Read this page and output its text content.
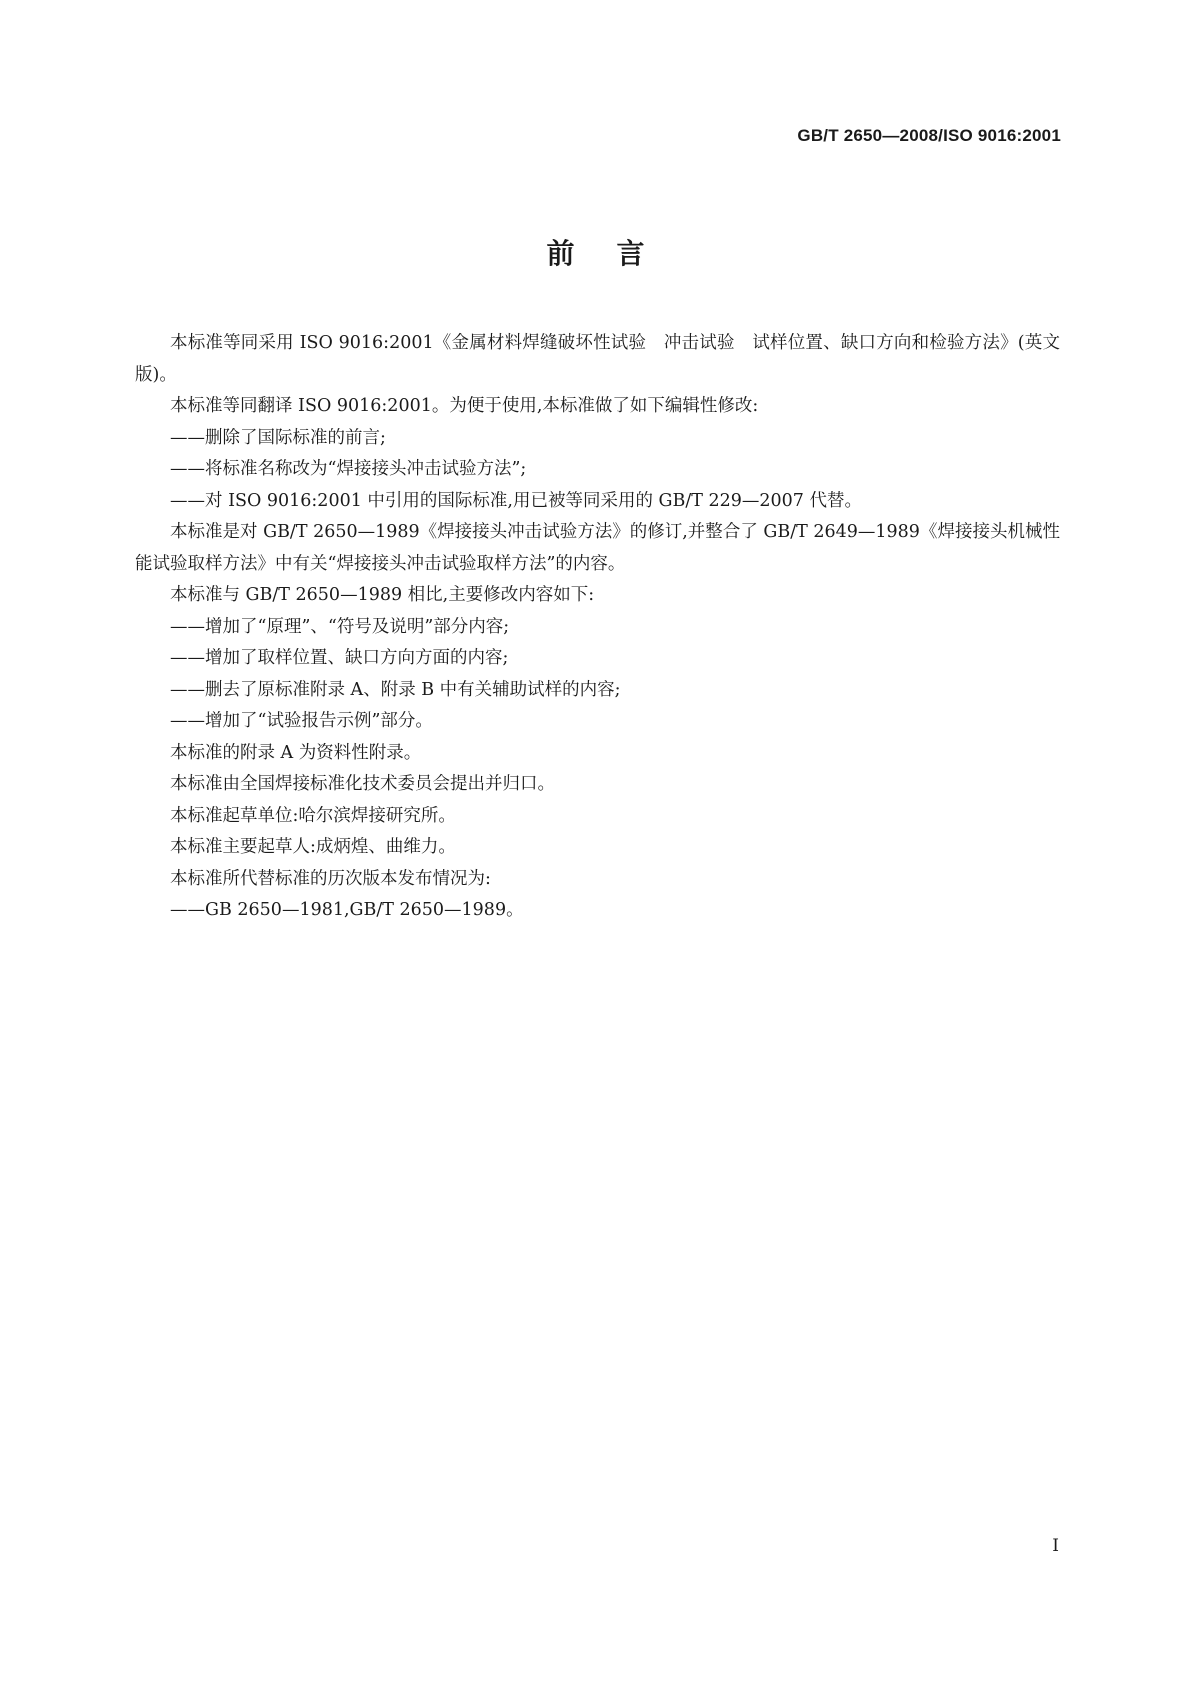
GB/T 2650—2008/ISO 9016:2001
前言

本标准等同采用 ISO 9016:2001《金属材料焊缝破坏性试验　冲击试验　试样位置、缺口方向和检验方法》(英文版)。

本标准等同翻译 ISO 9016:2001。为便于使用,本标准做了如下编辑性修改:

——删除了国际标准的前言;

——将标准名称改为“焊接接头冲击试验方法”;

——对 ISO 9016:2001 中引用的国际标准,用已被等同采用的 GB/T 229—2007 代替。

本标准是对 GB/T 2650—1989《焊接接头冲击试验方法》的修订,并整合了 GB/T 2649—1989《焊接接头机械性能试验取样方法》中有关“焊接接头冲击试验取样方法”的内容。

本标准与 GB/T 2650—1989 相比,主要修改内容如下:

——增加了“原理”、“符号及说明”部分内容;

——增加了取样位置、缺口方向方面的内容;

——删去了原标准附录 A、附录 B 中有关辅助试样的内容;

——增加了“试验报告示例”部分。

本标准的附录 A 为资料性附录。

本标准由全国焊接标准化技术委员会提出并归口。

本标准起草单位:哈尔滨焊接研究所。

本标准主要起草人:成炳煌、曲维力。

本标准所代替标准的历次版本发布情况为:

——GB 2650—1981,GB/T 2650—1989。

I
